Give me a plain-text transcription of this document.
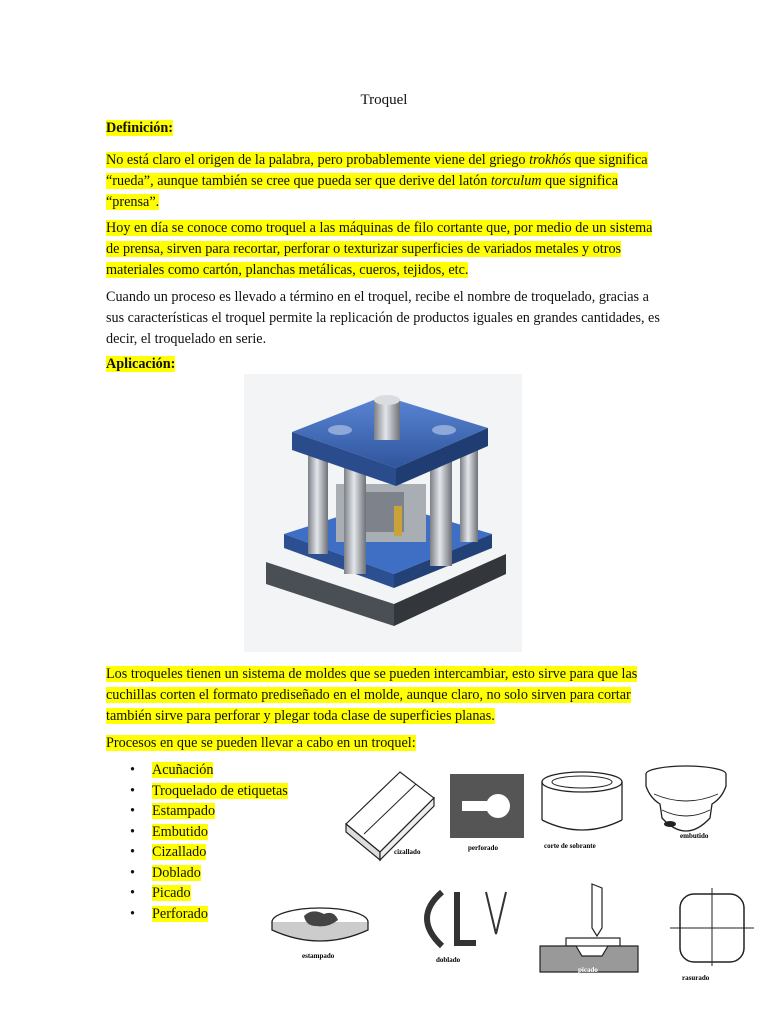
Troquel
Definición:

No está claro el origen de la palabra, pero probablemente viene del griego trokhós que significa “rueda”, aunque también se cree que pueda ser que derive del latón torculum que significa “prensa”.

Hoy en día se conoce como troquel a las máquinas de filo cortante que, por medio de un sistema de prensa, sirven para recortar, perforar o texturizar superficies de variados metales y otros materiales como cartón, planchas metálicas, cueros, tejidos, etc.

Cuando un proceso es llevado a término en el troquel, recibe el nombre de troquelado, gracias a sus características el troquel permite la replicación de productos iguales en grandes cantidades, es decir, el troquelado en serie.

Aplicación:

Los troqueles tienen un sistema de moldes que se pueden intercambiar, esto sirve para que las cuchillas corten el formato prediseñado en el molde, aunque claro, no solo sirven para cortar también sirve para perforar y plegar toda clase de superficies planas.

Procesos en que se pueden llevar a cabo en un troquel:

• Acuñación
• Troquelado de etiquetas
• Estampado
• Embutido
• Cizallado
• Doblado
• Picado
• Perforado
cizallado	perforado	corte de sobrante
embutido
estampado	doblado
picado
rasurado
